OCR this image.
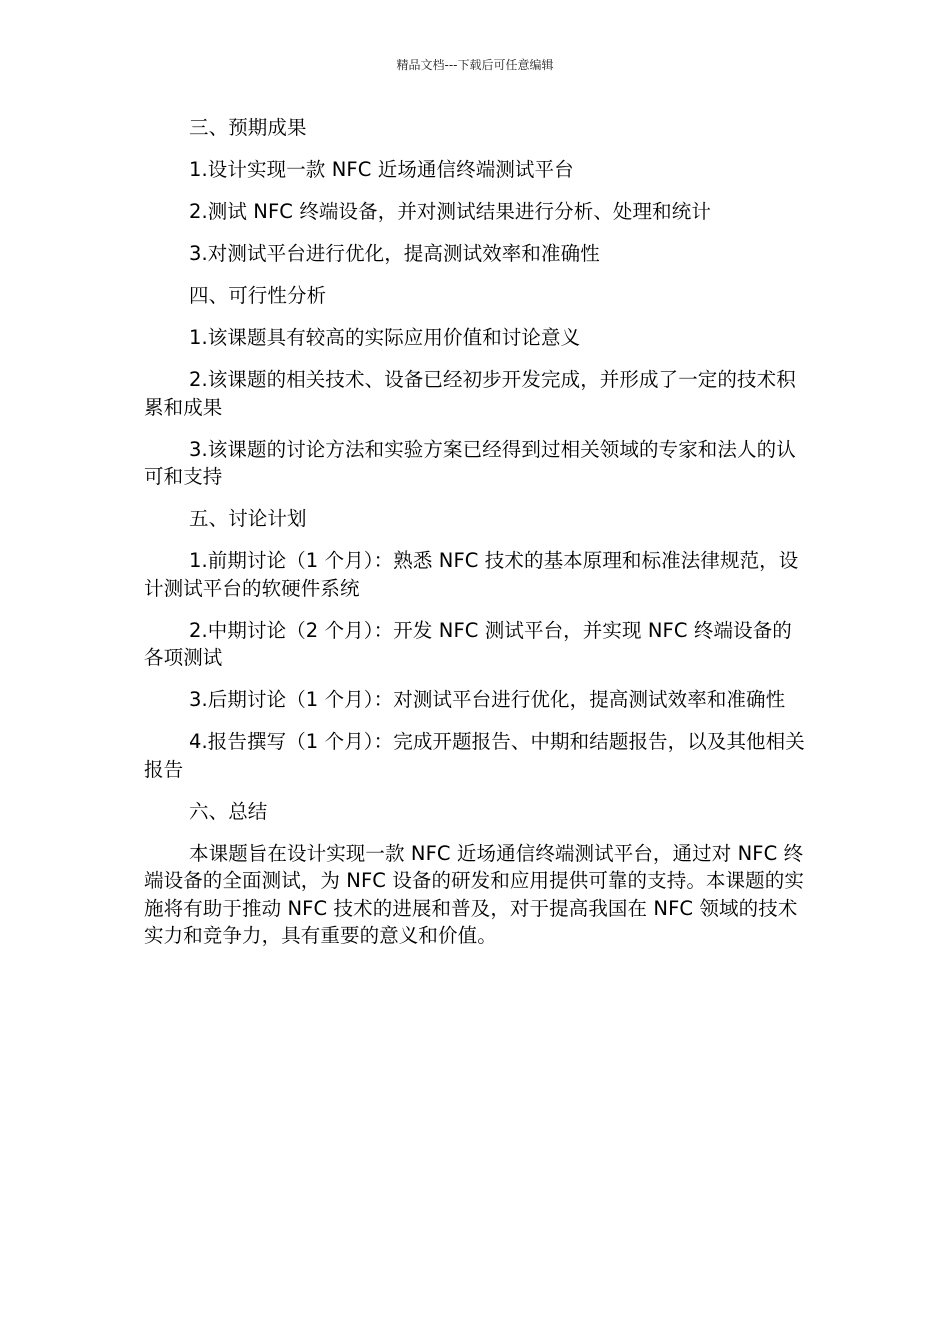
精品文档---下载后可任意编辑

三、预期成果

1.设计实现一款 NFC 近场通信终端测试平台

2.测试 NFC 终端设备，并对测试结果进行分析、处理和统计

3.对测试平台进行优化，提高测试效率和准确性

四、可行性分析

1.该课题具有较高的实际应用价值和讨论意义

2.该课题的相关技术、设备已经初步开发完成，并形成了一定的技术积累和成果

3.该课题的讨论方法和实验方案已经得到过相关领域的专家和法人的认可和支持

五、讨论计划

1.前期讨论（1 个月）：熟悉 NFC 技术的基本原理和标准法律规范，设计测试平台的软硬件系统

2.中期讨论（2 个月）：开发 NFC 测试平台，并实现 NFC 终端设备的各项测试

3.后期讨论（1 个月）：对测试平台进行优化，提高测试效率和准确性

4.报告撰写（1 个月）：完成开题报告、中期和结题报告，以及其他相关报告

六、总结

本课题旨在设计实现一款 NFC 近场通信终端测试平台，通过对 NFC 终端设备的全面测试，为 NFC 设备的研发和应用提供可靠的支持。本课题的实施将有助于推动 NFC 技术的进展和普及，对于提高我国在 NFC 领域的技术实力和竞争力，具有重要的意义和价值。
